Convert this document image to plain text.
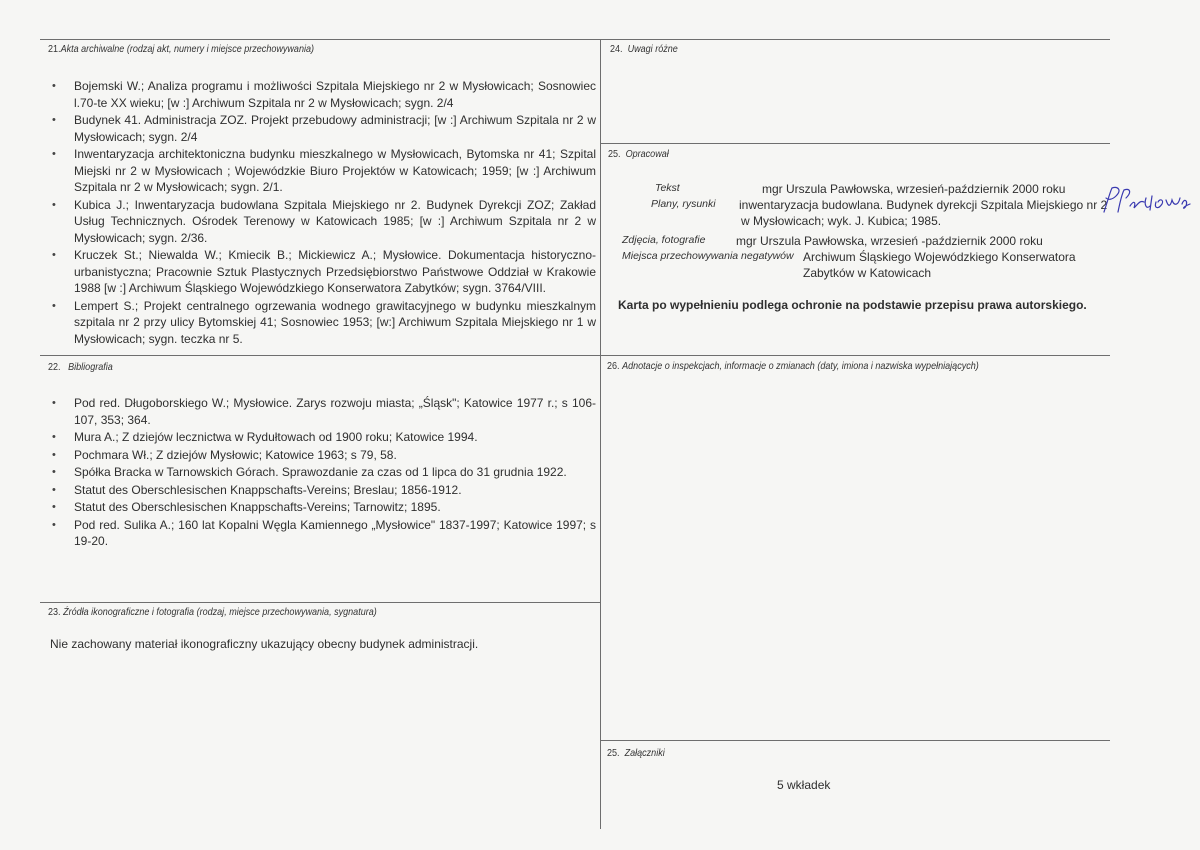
21.Akta archiwalne (rodzaj akt, numery i miejsce przechowywania)
• Bojemski W.; Analiza programu i możliwości Szpitala Miejskiego nr 2 w Mysłowicach; Sosnowiec l.70-te XX wieku; [w :] Archiwum Szpitala nr 2 w Mysłowicach; sygn. 2/4
• Budynek 41. Administracja ZOZ. Projekt przebudowy administracji; [w :] Archiwum Szpitala nr 2 w Mysłowicach; sygn. 2/4
• Inwentaryzacja architektoniczna budynku mieszkalnego w Mysłowicach, Bytomska nr 41; Szpital Miejski nr 2 w Mysłowicach ; Wojewódzkie Biuro Projektów w Katowicach; 1959; [w :] Archiwum Szpitala nr 2 w Mysłowicach; sygn. 2/1.
• Kubica J.; Inwentaryzacja budowlana Szpitala Miejskiego nr 2. Budynek Dyrekcji ZOZ; Zakład Usług Technicznych. Ośrodek Terenowy w Katowicach 1985; [w :] Archiwum Szpitala nr 2 w Mysłowicach; sygn. 2/36.
• Kruczek St.; Niewalda W.; Kmiecik B.; Mickiewicz A.; Mysłowice. Dokumentacja historyczno-urbanistyczna; Pracownie Sztuk Plastycznych Przedsiębiorstwo Państwowe Oddział w Krakowie 1988 [w :] Archiwum Śląskiego Wojewódzkiego Konserwatora Zabytków; sygn. 3764/VIII.
• Lempert S.; Projekt centralnego ogrzewania wodnego grawitacyjnego w budynku mieszkalnym szpitala nr 2 przy ulicy Bytomskiej 41; Sosnowiec 1953; [w:] Archiwum Szpitala Miejskiego nr 1 w Mysłowicach; sygn. teczka nr 5.
22. Bibliografia
• Pod red. Długoborskiego W.; Mysłowice. Zarys rozwoju miasta; „Śląsk"; Katowice 1977 r.; s 106-107, 353; 364.
• Mura A.; Z dziejów lecznictwa w Rydułtowach od 1900 roku; Katowice 1994.
• Pochmara Wł.; Z dziejów Mysłowic; Katowice 1963; s 79, 58.
• Spółka Bracka w Tarnowskich Górach. Sprawozdanie za czas od 1 lipca do 31 grudnia 1922.
• Statut des Oberschlesischen Knappschafts-Vereins; Breslau; 1856-1912.
• Statut des Oberschlesischen Knappschafts-Vereins; Tarnowitz; 1895.
• Pod red. Sulika A.; 160 lat Kopalni Węgla Kamiennego „Mysłowice" 1837-1997; Katowice 1997; s 19-20.
23. Źródła ikonograficzne i fotografia (rodzaj, miejsce przechowywania, sygnatura)
Nie zachowany materiał ikonograficzny ukazujący obecny budynek administracji.
24. Uwagi różne
25. Opracował
Tekst	mgr Urszula Pawłowska, wrzesień-październik 2000 roku
Plany, rysunki inwentaryzacja budowlana. Budynek dyrekcji Szpitala Miejskiego nr 2
w Mysłowicach; wyk. J. Kubica; 1985.
Zdjęcia, fotografie	mgr Urszula Pawłowska, wrzesień -październik 2000 roku
Miejsca przechowywania negatywów Archiwum Śląskiego Wojewódzkiego Konserwatora
Zabytków w Katowicach
Karta po wypełnieniu podlega ochronie na podstawie przepisu prawa autorskiego.
26. Adnotacje o inspekcjach, informacje o zmianach (daty, imiona i nazwiska wypełniających)
25. Załączniki
5 wkładek
